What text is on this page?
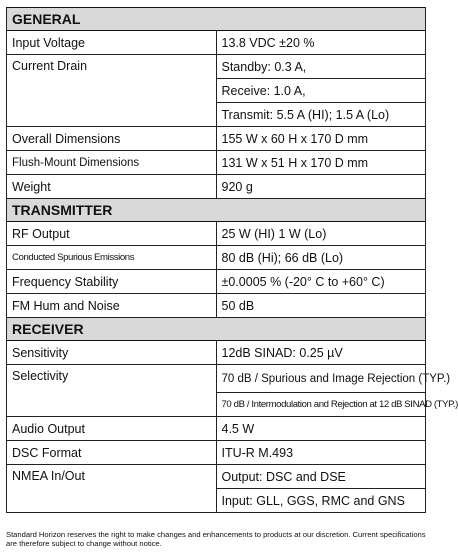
GENERAL	
Input Voltage	13.8 VDC ±20 %
Current Drain	Standby: 0.3 A,
	Receive: 1.0 A,
	Transmit: 5.5 A (HI); 1.5 A (Lo)
Overall Dimensions	155 W x 60 H x 170 D mm
Flush-Mount Dimensions	131 W x 51 H x 170 D mm
Weight	920 g
TRANSMITTER	
RF Output	25 W (HI) 1 W (Lo)
Conducted Spurious Emissions	80 dB (Hi); 66 dB (Lo)
Frequency Stability	±0.0005 % (-20° C to +60° C)
FM Hum and Noise	50 dB
RECEIVER	
Sensitivity	12dB SINAD: 0.25 µV
Selectivity	70 dB / Spurious and Image Rejection (TYP.)
	70 dB / Intermodulation and Rejection at 12 dB SINAD (TYP.)
Audio Output	4.5 W
DSC Format	ITU-R M.493
NMEA In/Out	Output: DSC and DSE
	Input: GLL, GGS, RMC and GNS
Standard Horizon reserves the right to make changes and enhancements to products at our discretion. Current specifications are therefore subject to change without notice.
